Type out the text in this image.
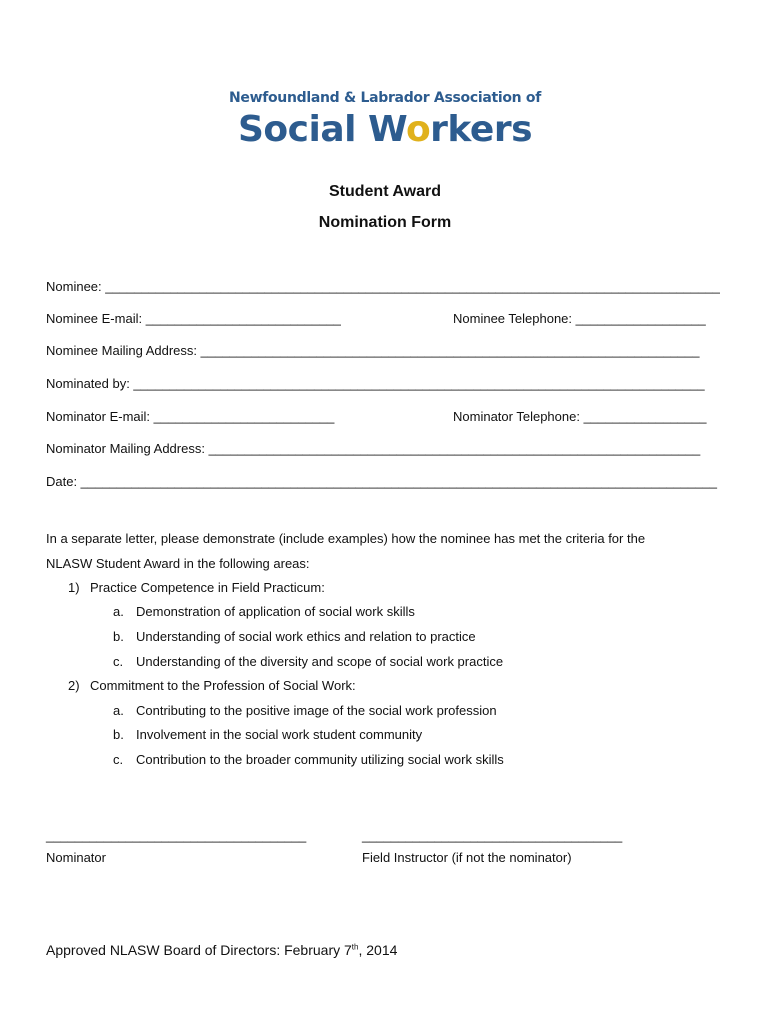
Newfoundland & Labrador Association of
Social Workers
Student Award
Nomination Form
Nominee: _____________________________________________________________________________________
Nominee E-mail: ___________________________	Nominee Telephone: __________________
Nominee Mailing Address: _____________________________________________________________________
Nominated by: _______________________________________________________________________________
Nominator E-mail: _________________________	Nominator Telephone: _________________
Nominator Mailing Address: ____________________________________________________________________
Date: ________________________________________________________________________________________
In a separate letter, please demonstrate (include examples) how the nominee has met the criteria for the
NLASW Student Award in the following areas:
1) Practice Competence in Field Practicum:
a. Demonstration of application of social work skills
b. Understanding of social work ethics and relation to practice
c. Understanding of the diversity and scope of social work practice
2) Commitment to the Profession of Social Work:
a. Contributing to the positive image of the social work profession
b. Involvement in the social work student community
c. Contribution to the broader community utilizing social work skills
____________________________________	____________________________________
Nominator	Field Instructor (if not the nominator)
Approved NLASW Board of Directors: February 7th, 2014
